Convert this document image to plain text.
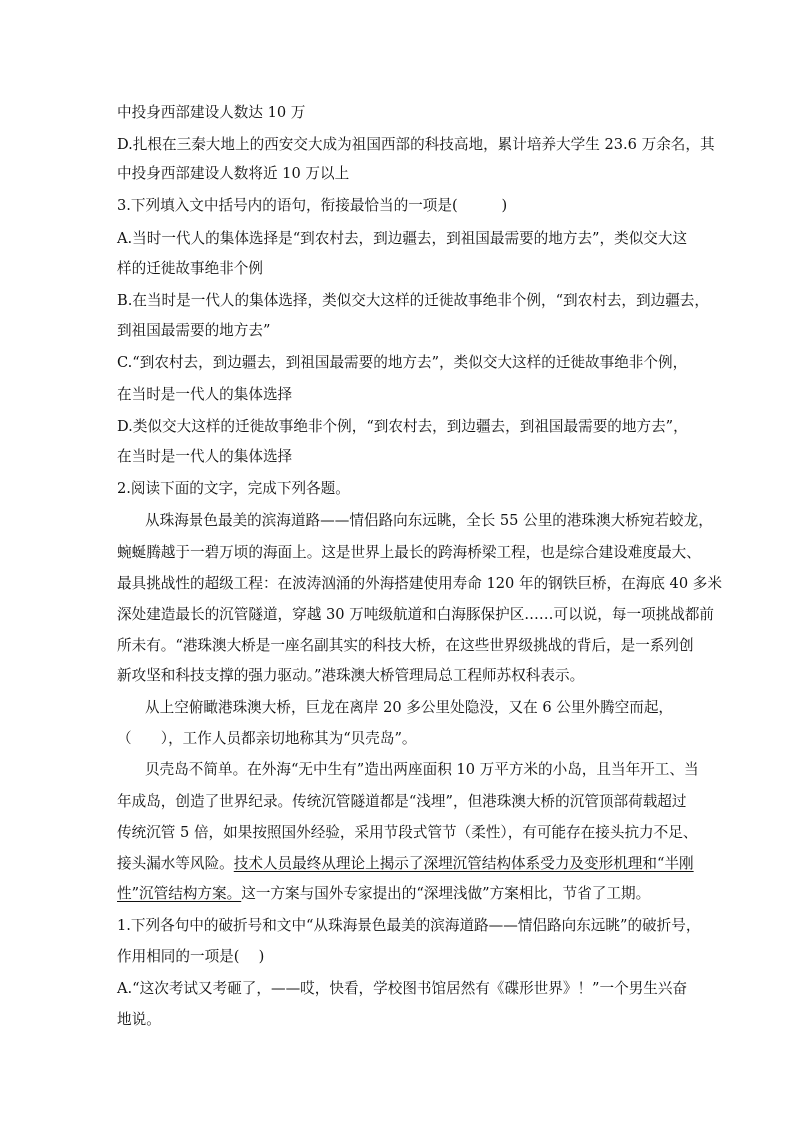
中投身西部建设人数达 10 万
D.扎根在三秦大地上的西安交大成为祖国西部的科技高地，累计培养大学生 23.6 万余名，其
中投身西部建设人数将近 10 万以上
3.下列填入文中括号内的语句，衔接最恰当的一项是(　　　)
A.当时一代人的集体选择是“到农村去，到边疆去，到祖国最需要的地方去”，类似交大这
样的迁徙故事绝非个例
B.在当时是一代人的集体选择，类似交大这样的迁徙故事绝非个例，“到农村去，到边疆去，
到祖国最需要的地方去”
C.“到农村去，到边疆去，到祖国最需要的地方去”，类似交大这样的迁徙故事绝非个例，
在当时是一代人的集体选择
D.类似交大这样的迁徙故事绝非个例，“到农村去，到边疆去，到祖国最需要的地方去”，
在当时是一代人的集体选择
2.阅读下面的文字，完成下列各题。
从珠海景色最美的滨海道路——情侣路向东远眺，全长 55 公里的港珠澳大桥宛若蛟龙，
蜿蜒腾越于一碧万顷的海面上。这是世界上最长的跨海桥梁工程，也是综合建设难度最大、
最具挑战性的超级工程：在波涛汹涌的外海搭建使用寿命 120 年的钢铁巨桥，在海底 40 多米
深处建造最长的沉管隧道，穿越 30 万吨级航道和白海豚保护区……可以说，每一项挑战都前
所未有。“港珠澳大桥是一座名副其实的科技大桥，在这些世界级挑战的背后，是一系列创
新攻坚和科技支撑的强力驱动。”港珠澳大桥管理局总工程师苏权科表示。
从上空俯瞰港珠澳大桥，巨龙在离岸 20 多公里处隐没，又在 6 公里外腾空而起，
（　　），工作人员都亲切地称其为“贝壳岛”。
贝壳岛不简单。在外海“无中生有”造出两座面积 10 万平方米的小岛，且当年开工、当
年成岛，创造了世界纪录。传统沉管隧道都是“浅埋”，但港珠澳大桥的沉管顶部荷载超过
传统沉管 5 倍，如果按照国外经验，采用节段式管节（柔性），有可能存在接头抗力不足、
接头漏水等风险。技术人员最终从理论上揭示了深埋沉管结构体系受力及变形机理和“半刚
性”沉管结构方案。这一方案与国外专家提出的“深埋浅做”方案相比，节省了工期。
1.下列各句中的破折号和文中“从珠海景色最美的滨海道路——情侣路向东远眺”的破折号，
作用相同的一项是(　 )
A.“这次考试又考砸了，——哎，快看，学校图书馆居然有《碟形世界》！”一个男生兴奋
地说。
